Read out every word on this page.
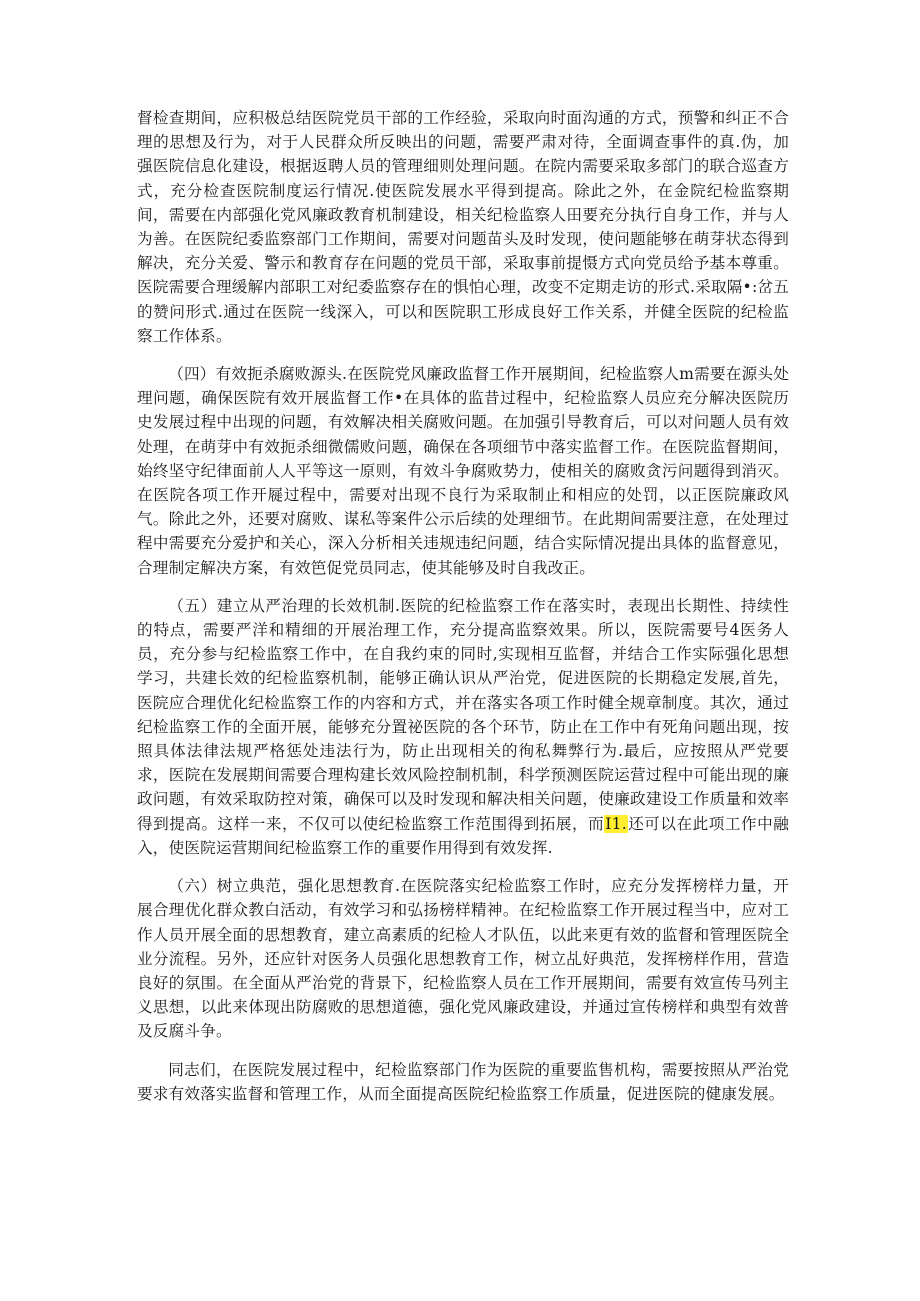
督检查期间，应积极总结医院党员干部的工作经验，采取向时面沟通的方式，预警和纠正不合理的思想及行为，对于人民群众所反映出的问题，需要严肃对待，全面调查事件的真.伪，加强医院信息化建设，根据返聘人员的管理细则处理问题。在院内需要采取多部门的联合巡查方式，充分检查医院制度运行情况.使医院发展水平得到提高。除此之外，在金院纪检监察期间，需要在内部强化党风廉政教育机制建设，相关纪检监察人田要充分执行自身工作，并与人为善。在医院纪委监察部门工作期间，需要对问题苗头及时发现，使问题能够在萌芽状态得到解决，充分关爱、警示和教育存在问题的党员干部，采取事前提慑方式向党员给予基本尊重。医院需要合理缓解内部职工对纪委监察存在的惧怕心理，改变不定期走访的形式.采取隔•:岔五的赞问形式.通过在医院一线深入，可以和医院职工形成良好工作关系，并健全医院的纪检监察工作体系。

（四）有效扼杀腐败源头.在医院党风廉政监督工作开展期间，纪检监察人m需要在源头处理问题，确保医院有效开展监督工作•在具体的监昔过程中，纪检监察人员应充分解决医院历史发展过程中出现的问题，有效解决相关腐败问题。在加强引导教育后，可以对问题人员有效处理，在萌芽中有效扼杀细微儒败问题，确保在各项细节中落实监督工作。在医院监督期间，始终坚守纪律面前人人平等这一原则，有效斗争腐败势力，使相关的腐败贪污问题得到消灭。在医院各项工作开屣过程中，需要对出现不良行为采取制止和相应的处罚，以正医院廉政风气。除此之外，还要对腐败、谋私等案件公示后续的处理细节。在此期间需要注意，在处理过程中需要充分爱护和关心，深入分析相关违规违纪问题，结合实际情况提出具体的监督意见，合理制定解决方案，有效笆促党员同志，使其能够及时自我改正。

（五）建立从严治理的长效机制.医院的纪检监察工作在落实时，表现出长期性、持续性的特点，需要严洋和精细的开展治理工作，充分提高监察效果。所以，医院需要号4医务人员，充分参与纪检监察工作中，在自我约束的同时,实现相互监督，并结合工作实际强化思想学习，共建长效的纪检监察机制，能够正确认识从严治党，促进医院的长期稳定发展,首先，医院应合理优化纪检监察工作的内容和方式，并在落实各项工作时健全规章制度。其次，通过纪检监察工作的全面开展，能够充分置祕医院的各个环节，防止在工作中有死角问题出现，按照具体法律法规严格惩处违法行为，防止出现相关的徇私舞弊行为.最后，应按照从严党要求，医院在发展期间需要合理构建长效风险控制机制，科学预测医院运营过程中可能出现的廉政问题，有效采取防控对策，确保可以及时发现和解决相关问题，使廉政建设工作质量和效率得到提高。这样一来，不仅可以使纪检监察工作范围得到拓展，而I1.还可以在此项工作中融入，使医院运营期间纪检监察工作的重要作用得到有效发挥.

（六）树立典范，强化思想教育.在医院落实纪检监察工作时，应充分发挥榜样力量，开展合理优化群众教白活动，有效学习和弘扬榜样精神。在纪检监察工作开展过程当中，应对工作人员开展全面的思想教育，建立高素质的纪检人才队伍，以此来更有效的监督和管理医院全业分流程。另外，还应针对医务人员强化思想教育工作，树立乩好典范，发挥榜样作用，营造良好的氛围。在全面从严治党的背景下，纪检监察人员在工作开展期间，需要有效宣传马列主义思想，以此来体现出防腐败的思想道德，强化党风廉政建设，并通过宣传榜样和典型有效普及反腐斗争。

同志们，在医院发展过程中，纪检监察部门作为医院的重要监售机构，需要按照从严治党要求有效落实监督和管理工作，从而全面提高医院纪检监察工作质量，促进医院的健康发展。
